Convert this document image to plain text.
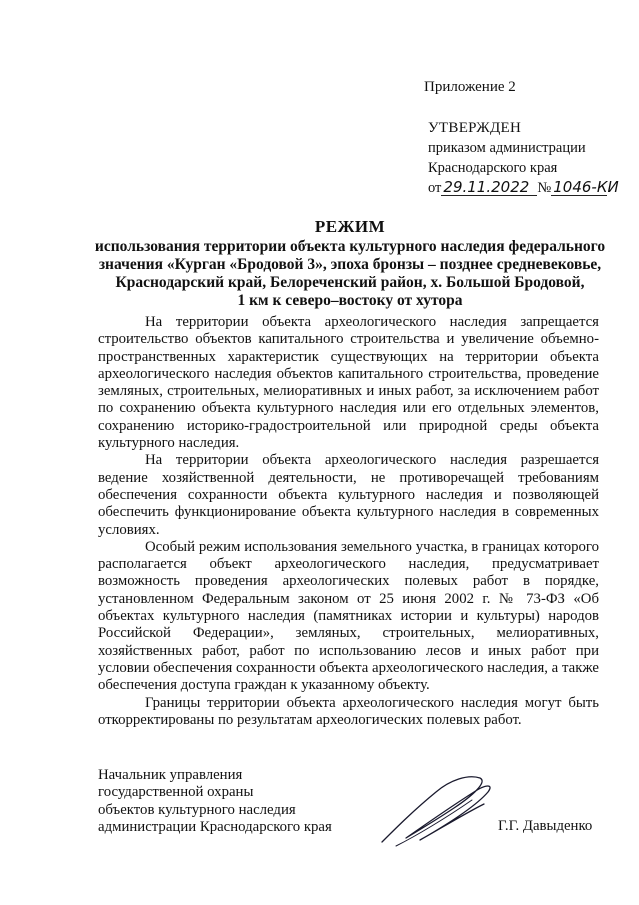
Приложение 2
УТВЕРЖДЕН
приказом администрации
Краснодарского края
от 29.11.2022 № 1046-КИ
РЕЖИМ
использования территории объекта культурного наследия федерального
значения «Курган «Бродовой 3», эпоха бронзы – позднее средневековье,
Краснодарский край, Белореченский район, х. Большой Бродовой,
1 км к северо–востоку от хутора

На территории объекта археологического наследия запрещается строительство объектов капитального строительства и увеличение объемно-пространственных характеристик существующих на территории объекта археологического наследия объектов капитального строительства, проведение земляных, строительных, мелиоративных и иных работ, за исключением работ по сохранению объекта культурного наследия или его отдельных элементов, сохранению историко-градостроительной или природной среды объекта культурного наследия.

На территории объекта археологического наследия разрешается ведение хозяйственной деятельности, не противоречащей требованиям обеспечения сохранности объекта культурного наследия и позволяющей обеспечить функционирование объекта культурного наследия в современных условиях.

Особый режим использования земельного участка, в границах которого располагается объект археологического наследия, предусматривает возможность проведения археологических полевых работ в порядке, установленном Федеральным законом от 25 июня 2002 г. № 73-ФЗ «Об объектах культурного наследия (памятниках истории и культуры) народов Российской Федерации», земляных, строительных, мелиоративных, хозяйственных работ, работ по использованию лесов и иных работ при условии обеспечения сохранности объекта археологического наследия, а также обеспечения доступа граждан к указанному объекту.

Границы территории объекта археологического наследия могут быть откорректированы по результатам археологических полевых работ.

Начальник управления
государственной охраны
объектов культурного наследия
администрации Краснодарского края	Г.Г. Давыденко
